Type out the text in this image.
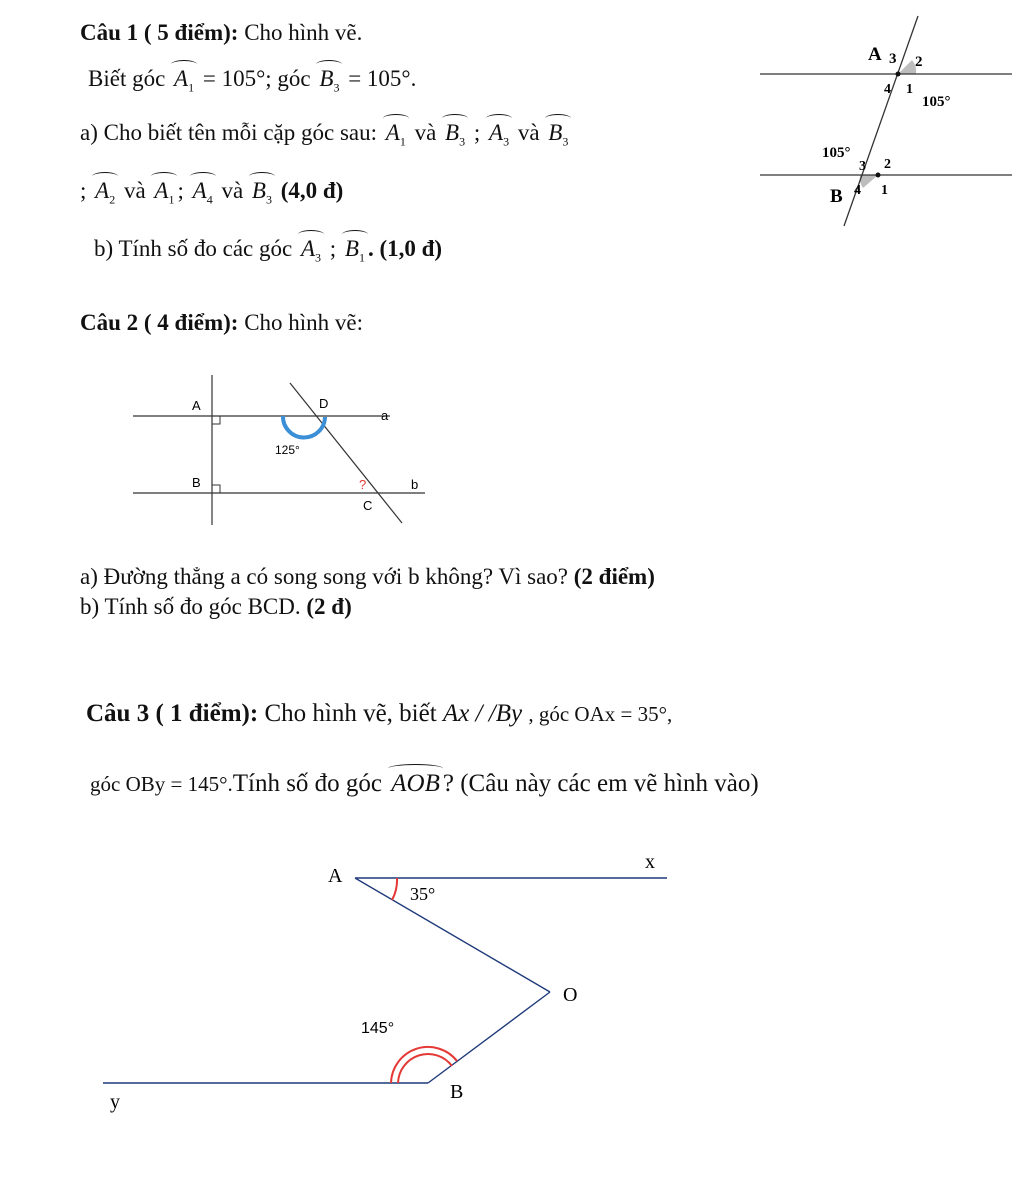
Câu 1 ( 5 điểm): Cho hình vẽ.
Biết góc $A_1 = 105^\circ$; góc $B_3 = 105^\circ$.
a) Cho biết tên mỗi cặp góc sau: $A_1$ và $B_3$ ; $A_3$ và $B_3$
; $A_2$ và $A_1$ ; $A_4$ và $B_3$ (4,0 đ)
b) Tính số đo các góc $A_3$ ; $B_1$ . (1,0 đ)
A 3 2
4 1
105°
105°
3 2
B 4 1
Câu 2 ( 4 điểm): Cho hình vẽ:
A	D
a
125°
B	?	b
C
a) Đường thẳng a có song song với b không? Vì sao? (2 điểm)
b) Tính số đo góc BCD. (2 đ)
Câu 3 ( 1 điểm): Cho hình vẽ, biết Ax / /By , góc OAx = 35°,
góc OBy = 145°.Tính số đo góc AOB ? (Câu này các em vẽ hình vào)
A
x
35°
O
145°
B
y
